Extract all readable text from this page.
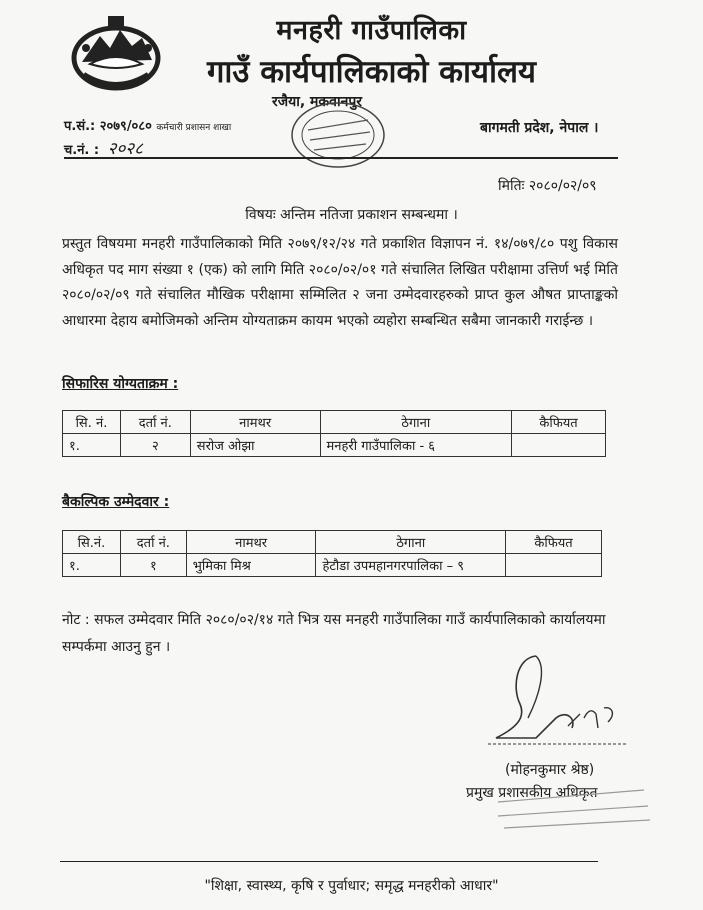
मनहरी गाउँपालिका
गाउँ कार्यपालिकाको कार्यालय
रजैया, मकवानपुर
प.सं.: २०७९/०८० कर्मचारी प्रशासन शाखा
च.नं. : २०२८
बागमती प्रदेश, नेपाल ।
मितिः २०८०/०२/०९
विषयः अन्तिम नतिजा प्रकाशन सम्बन्धमा ।
प्रस्तुत विषयमा मनहरी गाउँपालिकाको मिति २०७९/१२/२४ गते प्रकाशित विज्ञापन नं. १४/०७९/८० पशु विकास अधिकृत पद माग संख्या १ (एक) को लागि मिति २०८०/०२/०१ गते संचालित लिखित परीक्षामा उत्तिर्ण भई मिति २०८०/०२/०९ गते संचालित मौखिक परीक्षामा सम्मिलित २ जना उम्मेदवारहरुको प्राप्त कुल औषत प्राप्ताङ्कको आधारमा देहाय बमोजिमको अन्तिम योग्यताक्रम कायम भएको व्यहोरा सम्बन्धित सबैमा जानकारी गराईन्छ ।
सिफारिस योग्यताक्रम :
सि. नं.	दर्ता नं.	नामथर	ठेगाना	कैफियत
१.	२	सरोज ओझा	मनहरी गाउँपालिका - ६	
बैकल्पिक उम्मेदवार :
सि.नं.	दर्ता नं.	नामथर	ठेगाना	कैफियत
१.	१	भुमिका मिश्र	हेटौडा उपमहानगरपालिका – ९	
नोट : सफल उम्मेदवार मिति २०८०/०२/१४ गते भित्र यस मनहरी गाउँपालिका गाउँ कार्यपालिकाको कार्यालयमा सम्पर्कमा आउनु हुन ।
(मोहनकुमार श्रेष्ठ)
प्रमुख प्रशासकीय अधिकृत
"शिक्षा, स्वास्थ्य, कृषि र पुर्वाधार; समृद्ध मनहरीको आधार"
